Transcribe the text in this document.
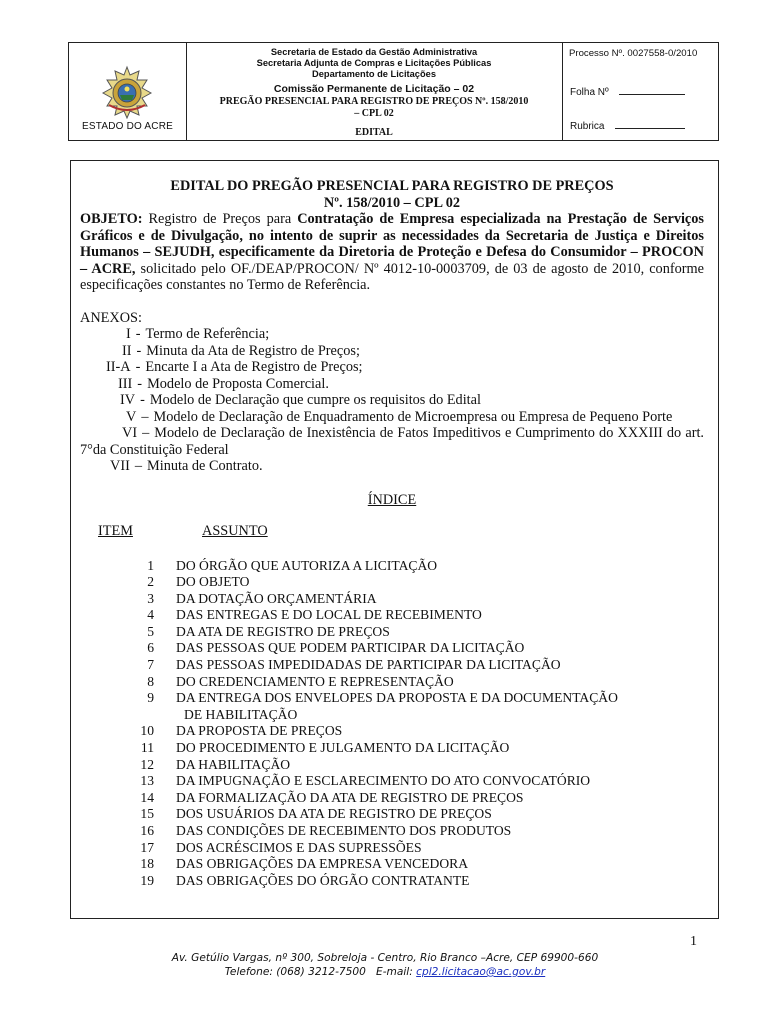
ESTADO DO ACRE
Secretaria de Estado da Gestão Administrativa
Secretaria Adjunta de Compras e Licitações Públicas
Departamento de Licitações
Comissão Permanente de Licitação – 02
PREGÃO PRESENCIAL PARA REGISTRO DE PREÇOS Nº. 158/2010
– CPL 02
EDITAL
Processo Nº. 0027558-0/2010
Folha Nº
Rubrica
EDITAL DO PREGÃO PRESENCIAL PARA REGISTRO DE PREÇOS
Nº. 158/2010 – CPL 02

OBJETO: Registro de Preços para Contratação de Empresa especializada na Prestação de Serviços Gráficos e de Divulgação, no intento de suprir as necessidades da Secretaria de Justiça e Direitos Humanos – SEJUDH, especificamente da Diretoria de Proteção e Defesa do Consumidor – PROCON – ACRE, solicitado pelo OF./DEAP/PROCON/ Nº 4012-10-0003709, de 03 de agosto de 2010, conforme especificações constantes no Termo de Referência.

ANEXOS:
I - Termo de Referência;
II - Minuta da Ata de Registro de Preços;
II-A - Encarte I a Ata de Registro de Preços;
III - Modelo de Proposta Comercial.
IV - Modelo de Declaração que cumpre os requisitos do Edital
V – Modelo de Declaração de Enquadramento de Microempresa ou Empresa de Pequeno Porte
VI – Modelo de Declaração de Inexistência de Fatos Impeditivos e Cumprimento do XXXIII do art. 7°da Constituição Federal
VII – Minuta de Contrato.
ÍNDICE
ITEM	ASSUNTO
1 DO ÓRGÃO QUE AUTORIZA A LICITAÇÃO
2 DO OBJETO
3 DA DOTAÇÃO ORÇAMENTÁRIA
4 DAS ENTREGAS E DO LOCAL DE RECEBIMENTO
5 DA ATA DE REGISTRO DE PREÇOS
6 DAS PESSOAS QUE PODEM PARTICIPAR DA LICITAÇÃO
7 DAS PESSOAS IMPEDIDADAS DE PARTICIPAR DA LICITAÇÃO
8 DO CREDENCIAMENTO E REPRESENTAÇÃO
9 DA ENTREGA DOS ENVELOPES DA PROPOSTA E DA DOCUMENTAÇÃO
DE HABILITAÇÃO
10 DA PROPOSTA DE PREÇOS
11 DO PROCEDIMENTO E JULGAMENTO DA LICITAÇÃO
12 DA HABILITAÇÃO
13 DA IMPUGNAÇÃO E ESCLARECIMENTO DO ATO CONVOCATÓRIO
14 DA FORMALIZAÇÃO DA ATA DE REGISTRO DE PREÇOS
15 DOS USUÁRIOS DA ATA DE REGISTRO DE PREÇOS
16 DAS CONDIÇÕES DE RECEBIMENTO DOS PRODUTOS
17 DOS ACRÉSCIMOS E DAS SUPRESSÕES
18 DAS OBRIGAÇÕES DA EMPRESA VENCEDORA
19 DAS OBRIGAÇÕES DO ÓRGÃO CONTRATANTE
1
Av. Getúlio Vargas, nº 300, Sobreloja - Centro, Rio Branco –Acre, CEP 69900-660
Telefone: (068) 3212-7500 E-mail: cpl2.licitacao@ac.gov.br
